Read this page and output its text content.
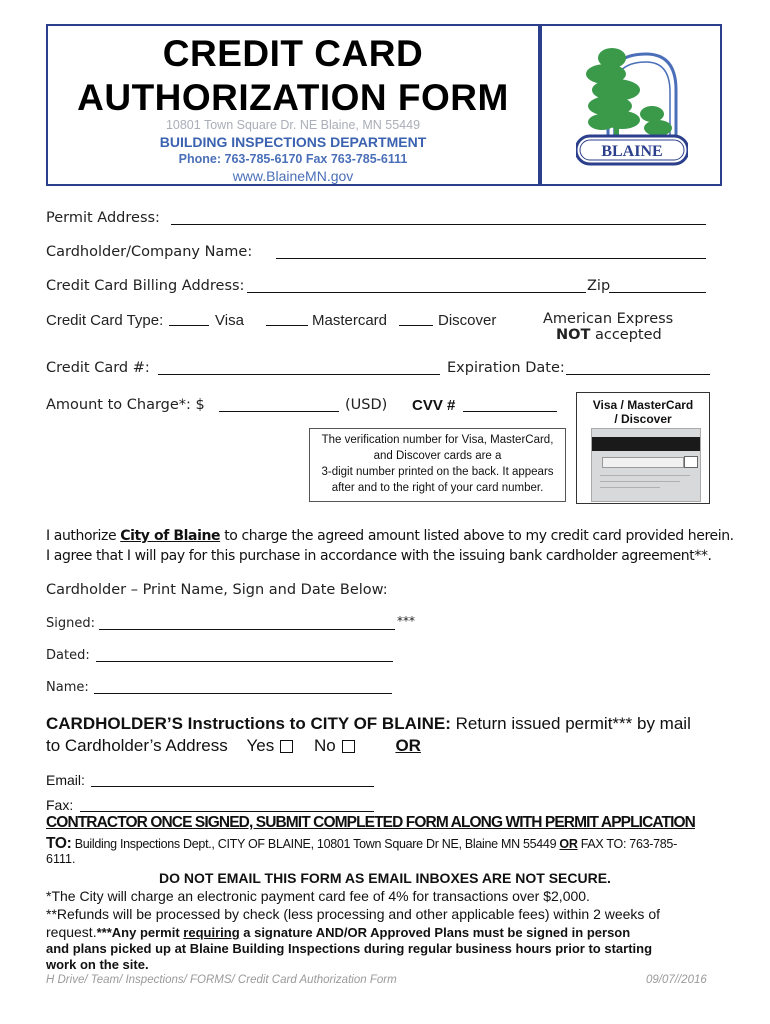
CREDIT CARD
AUTHORIZATION FORM
10801 Town Square Dr. NE Blaine, MN 55449
BUILDING INSPECTIONS DEPARTMENT
Phone: 763-785-6170 Fax 763-785-6111
www.BlaineMN.gov
BLAINE
Permit Address:
Cardholder/Company Name:
Credit Card Billing Address:	Zip
Credit Card Type:	Visa	Mastercard	Discover	American Express
NOT accepted
Credit Card #:	Expiration Date:
Amount to Charge*: $	(USD) CVV #
The verification number for Visa, MasterCard,
and Discover cards are a
3-digit number printed on the back. It appears
after and to the right of your card number.
Visa / MasterCard
/ Discover
I authorize City of Blaine to charge the agreed amount listed above to my credit card provided herein.
I agree that I will pay for this purchase in accordance with the issuing bank cardholder agreement**.
Cardholder – Print Name, Sign and Date Below:
Signed:	***
Dated:
Name:
CARDHOLDER’S Instructions to CITY OF BLAINE: Return issued permit*** by mail
to Cardholder’s Address Yes No	OR
Email:
Fax:
CONTRACTOR ONCE SIGNED, SUBMIT COMPLETED FORM ALONG WITH PERMIT APPLICATION
TO: Building Inspections Dept., CITY OF BLAINE, 10801 Town Square Dr NE, Blaine MN 55449 OR FAX TO: 763-785-
6111.
DO NOT EMAIL THIS FORM AS EMAIL INBOXES ARE NOT SECURE.
*The City will charge an electronic payment card fee of 4% for transactions over $2,000.
**Refunds will be processed by check (less processing and other applicable fees) within 2 weeks of
request.***Any permit requiring a signature AND/OR Approved Plans must be signed in person
and plans picked up at Blaine Building Inspections during regular business hours prior to starting
work on the site.
H Drive/ Team/ Inspections/ FORMS/ Credit Card Authorization Form	09/07//2016
